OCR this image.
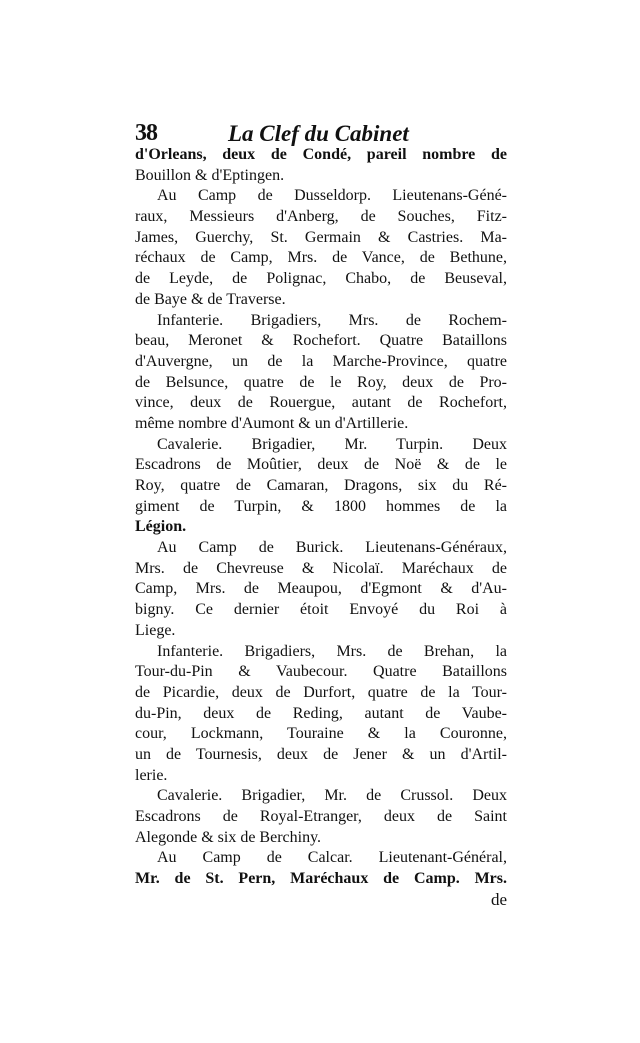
38	La Clef du Cabinet
d'Orleans, deux de Condé, pareil nombre de
Bouillon & d'Eptingen.
Au Camp de Dusseldorp. Lieutenans-Géné-
raux, Messieurs d'Anberg, de Souches, Fitz-
James, Guerchy, St. Germain & Castries. Ma-
réchaux de Camp, Mrs. de Vance, de Bethune,
de Leyde, de Polignac, Chabo, de Beuseval,
de Baye & de Traverse.
Infanterie. Brigadiers, Mrs. de Rochem-
beau, Meronet & Rochefort. Quatre Bataillons
d'Auvergne, un de la Marche-Province, quatre
de Belsunce, quatre de le Roy, deux de Pro-
vince, deux de Rouergue, autant de Rochefort,
même nombre d'Aumont & un d'Artillerie.
Cavalerie. Brigadier, Mr. Turpin. Deux
Escadrons de Moûtier, deux de Noë & de le
Roy, quatre de Camaran, Dragons, six du Ré-
giment de Turpin, & 1800 hommes de la
Légion.
Au Camp de Burick. Lieutenans-Généraux,
Mrs. de Chevreuse & Nicolaï. Maréchaux de
Camp, Mrs. de Meaupou, d'Egmont & d'Au-
bigny. Ce dernier étoit Envoyé du Roi à
Liege.
Infanterie. Brigadiers, Mrs. de Brehan, la
Tour-du-Pin & Vaubecour. Quatre Bataillons
de Picardie, deux de Durfort, quatre de la Tour-
du-Pin, deux de Reding, autant de Vaube-
cour, Lockmann, Touraine & la Couronne,
un de Tournesis, deux de Jener & un d'Artil-
lerie.
Cavalerie. Brigadier, Mr. de Crussol. Deux
Escadrons de Royal-Etranger, deux de Saint
Alegonde & six de Berchiny.
Au Camp de Calcar. Lieutenant-Général,
Mr. de St. Pern, Maréchaux de Camp. Mrs.
de
